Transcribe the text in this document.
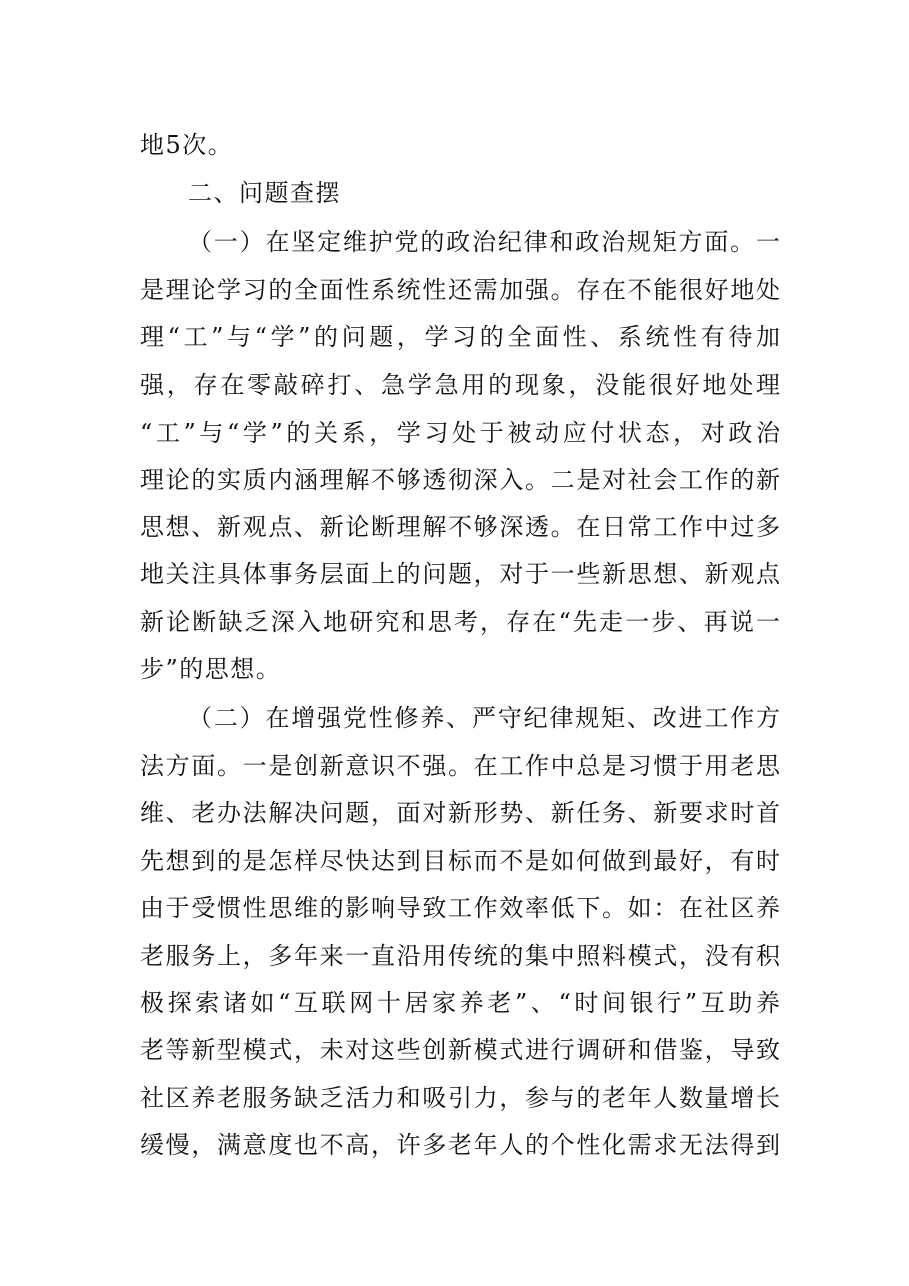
地5次。

二、问题查摆

（一）在坚定维护党的政治纪律和政治规矩方面。一

是理论学习的全面性系统性还需加强。存在不能很好地处

理“工”与“学”的问题，学习的全面性、系统性有待加

强，存在零敲碎打、急学急用的现象，没能很好地处理

“工”与“学”的关系，学习处于被动应付状态，对政治

理论的实质内涵理解不够透彻深入。二是对社会工作的新

思想、新观点、新论断理解不够深透。在日常工作中过多

地关注具体事务层面上的问题，对于一些新思想、新观点

新论断缺乏深入地研究和思考，存在“先走一步、再说一

步”的思想。

（二）在增强党性修养、严守纪律规矩、改进工作方

法方面。一是创新意识不强。在工作中总是习惯于用老思

维、老办法解决问题，面对新形势、新任务、新要求时首

先想到的是怎样尽快达到目标而不是如何做到最好，有时

由于受惯性思维的影响导致工作效率低下。如：在社区养

老服务上，多年来一直沿用传统的集中照料模式，没有积

极探索诸如“互联网十居家养老”、“时间银行”互助养

老等新型模式，未对这些创新模式进行调研和借鉴，导致

社区养老服务缺乏活力和吸引力，参与的老年人数量增长

缓慢，满意度也不高，许多老年人的个性化需求无法得到
